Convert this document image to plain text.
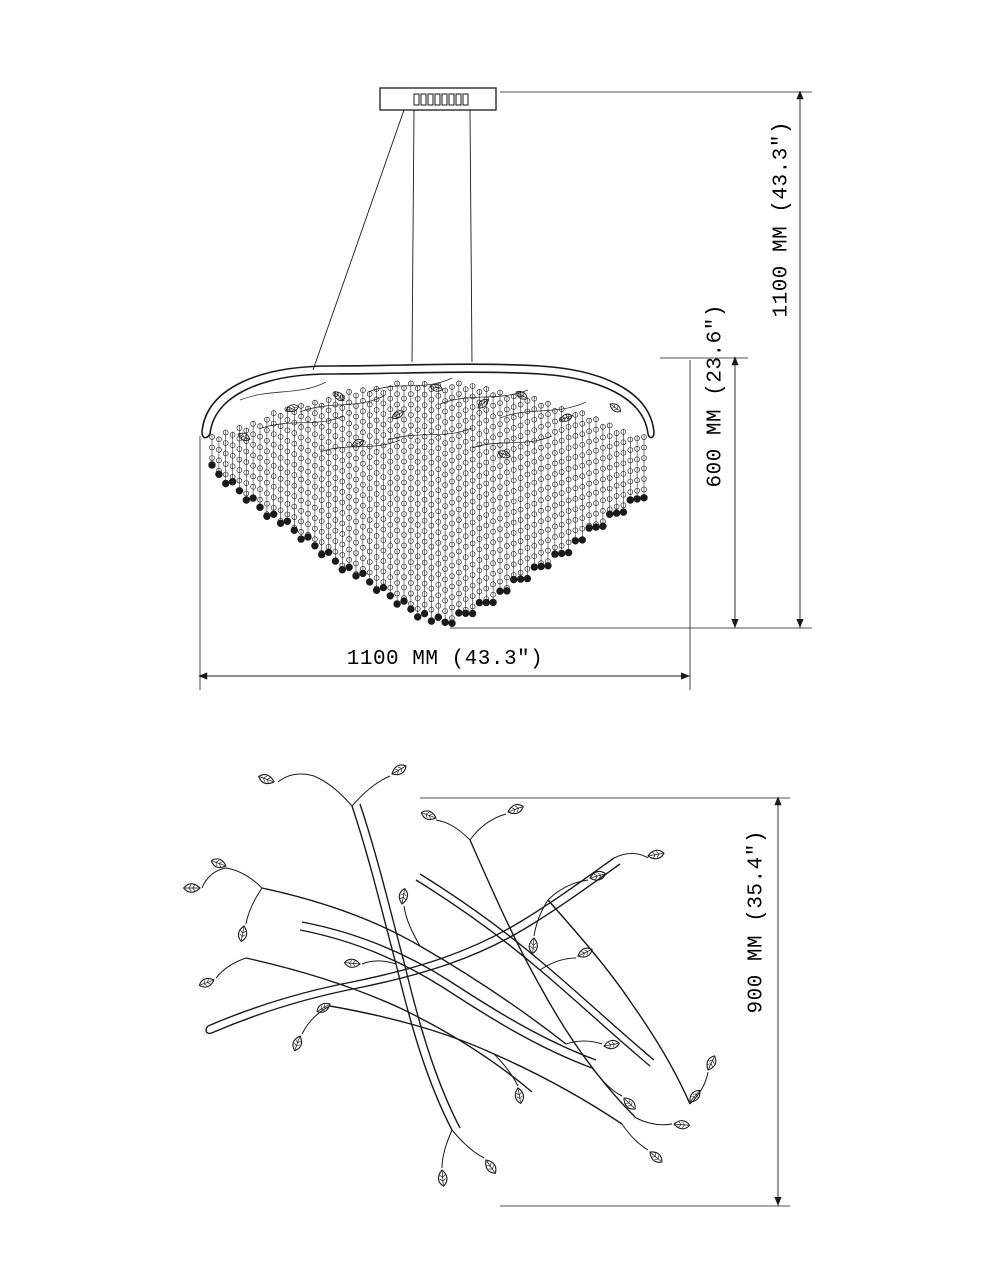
1100 MM (43.3″)
600 MM (23.6″)
1100 MM (43.3″)
900 MM (35.4″)
